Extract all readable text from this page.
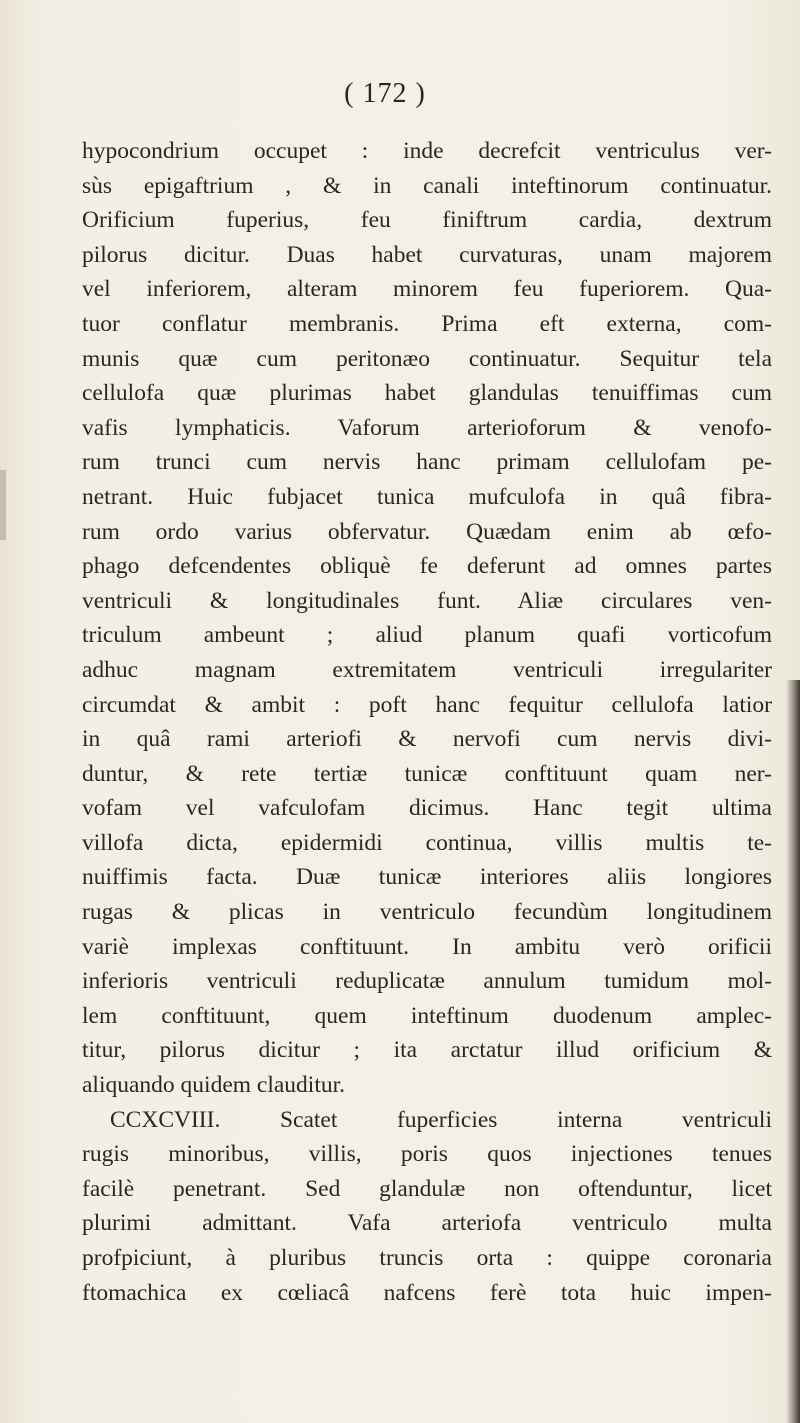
( 172 )
hypocondrium occupet : inde decrefcit ventriculus ver-
sùs epigaftrium , & in canali inteftinorum continuatur.
Orificium fuperius, feu finiftrum cardia, dextrum
pilorus dicitur. Duas habet curvaturas, unam majorem
vel inferiorem, alteram minorem feu fuperiorem. Qua-
tuor conflatur membranis. Prima eft externa, com-
munis quæ cum peritonæo continuatur. Sequitur tela
cellulofa quæ plurimas habet glandulas tenuiffimas cum
vafis lymphaticis. Vaforum arterioforum & venofo-
rum trunci cum nervis hanc primam cellulofam pe-
netrant. Huic fubjacet tunica mufculofa in quâ fibra-
rum ordo varius obfervatur. Quædam enim ab œfo-
phago defcendentes obliquè fe deferunt ad omnes partes
ventriculi & longitudinales funt. Aliæ circulares ven-
triculum ambeunt ; aliud planum quafi vorticofum
adhuc magnam extremitatem ventriculi irregulariter
circumdat & ambit : poft hanc fequitur cellulofa latior
in quâ rami arteriofi & nervofi cum nervis divi-
duntur, & rete tertiæ tunicæ conftituunt quam ner-
vofam vel vafculofam dicimus. Hanc tegit ultima
villofa dicta, epidermidi continua, villis multis te-
nuiffimis facta. Duæ tunicæ interiores aliis longiores
rugas & plicas in ventriculo fecundùm longitudinem
variè implexas conftituunt. In ambitu verò orificii
inferioris ventriculi reduplicatæ annulum tumidum mol-
lem conftituunt, quem inteftinum duodenum amplec-
titur, pilorus dicitur ; ita arctatur illud orificium &
aliquando quidem clauditur.
CCXCVIII. Scatet fuperficies interna ventriculi
rugis minoribus, villis, poris quos injectiones tenues
facilè penetrant. Sed glandulæ non oftenduntur, licet
plurimi admittant. Vafa arteriofa ventriculo multa
profpiciunt, à pluribus truncis orta : quippe coronaria
ftomachica ex cœliacâ nafcens ferè tota huic impen-
